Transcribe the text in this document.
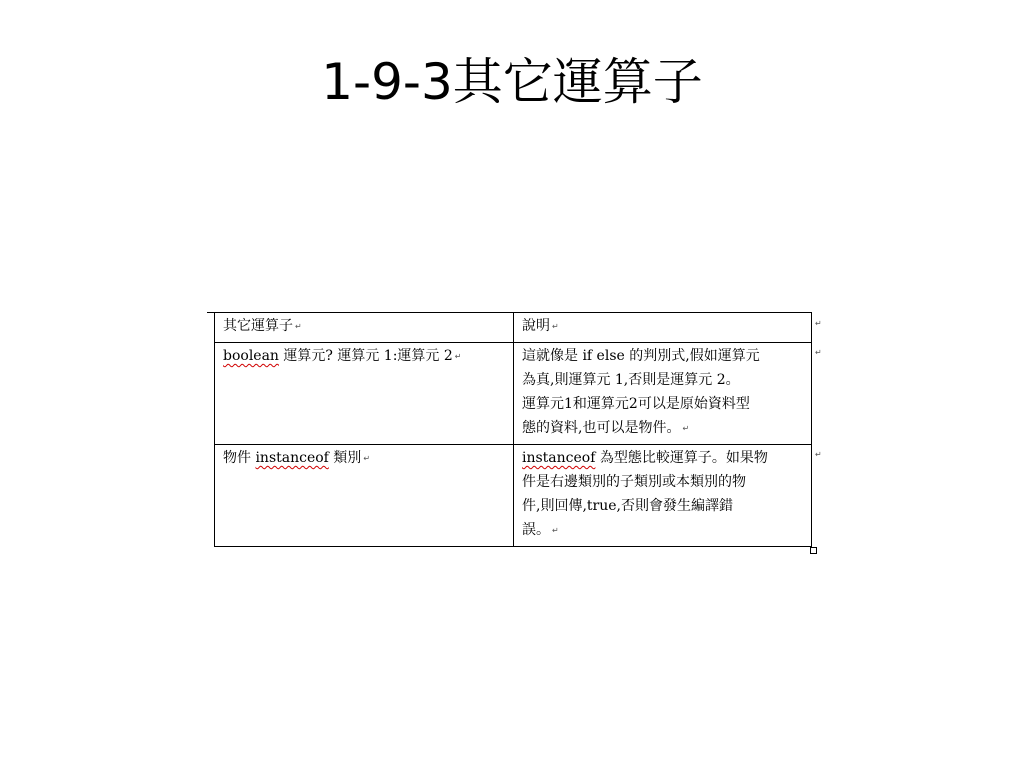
1-9-3其它運算子
其它運算子 ↵	說明 ↵
boolean 運算元? 運算元 1:運算元 2 ↵	這就像是 if else 的判別式,假如運算元
為真,則運算元 1,否則是運算元 2。
運算元1和運算元2可以是原始資料型
態的資料,也可以是物件。 ↵

物件 instanceof 類別 ↵	instanceof 為型態比較運算子。如果物
件是右邊類別的子類別或本類別的物
件,則回傳,true,否則會發生編譯錯
誤。 ↵
↵
↵
↵
